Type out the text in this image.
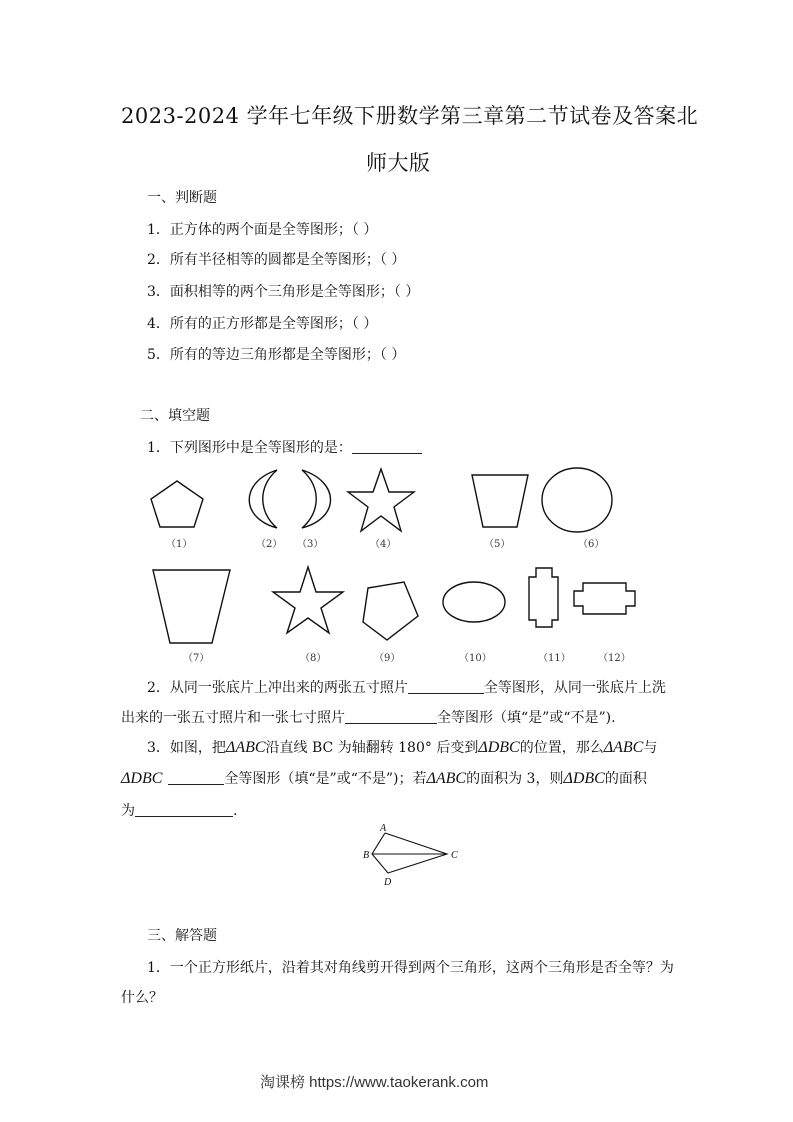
2023-2024 学年七年级下册数学第三章第二节试卷及答案北
师大版
一、判断题
1．正方体的两个面是全等图形；（ ）
2．所有半径相等的圆都是全等图形；（ ）
3．面积相等的两个三角形是全等图形；（ ）
4．所有的正方形都是全等图形；（ ）
5．所有的等边三角形都是全等图形；（ ）
二、填空题
1．下列图形中是全等图形的是：
A
B	C
D
（1）	（2） （3）	（4）	（5）	（6）
（7）	（8）	（9）	（10）	（11）	（12）
2．从同一张底片上冲出来的两张五寸照片	全等图形，从同一张底片上洗
出来的一张五寸照片和一张七寸照片	全等图形（填“是”或“不是”).
3．如图，把ΔABC沿直线 BC 为轴翻转 180° 后变到ΔDBC的位置，那么ΔABC与
ΔDBC	全等图形（填“是”或“不是”)；若ΔABC的面积为 3，则ΔDBC的面积
为	.
三、解答题
1．一个正方形纸片，沿着其对角线剪开得到两个三角形，这两个三角形是否全等？为
什么？
淘课榜 https://www.taokerank.com
